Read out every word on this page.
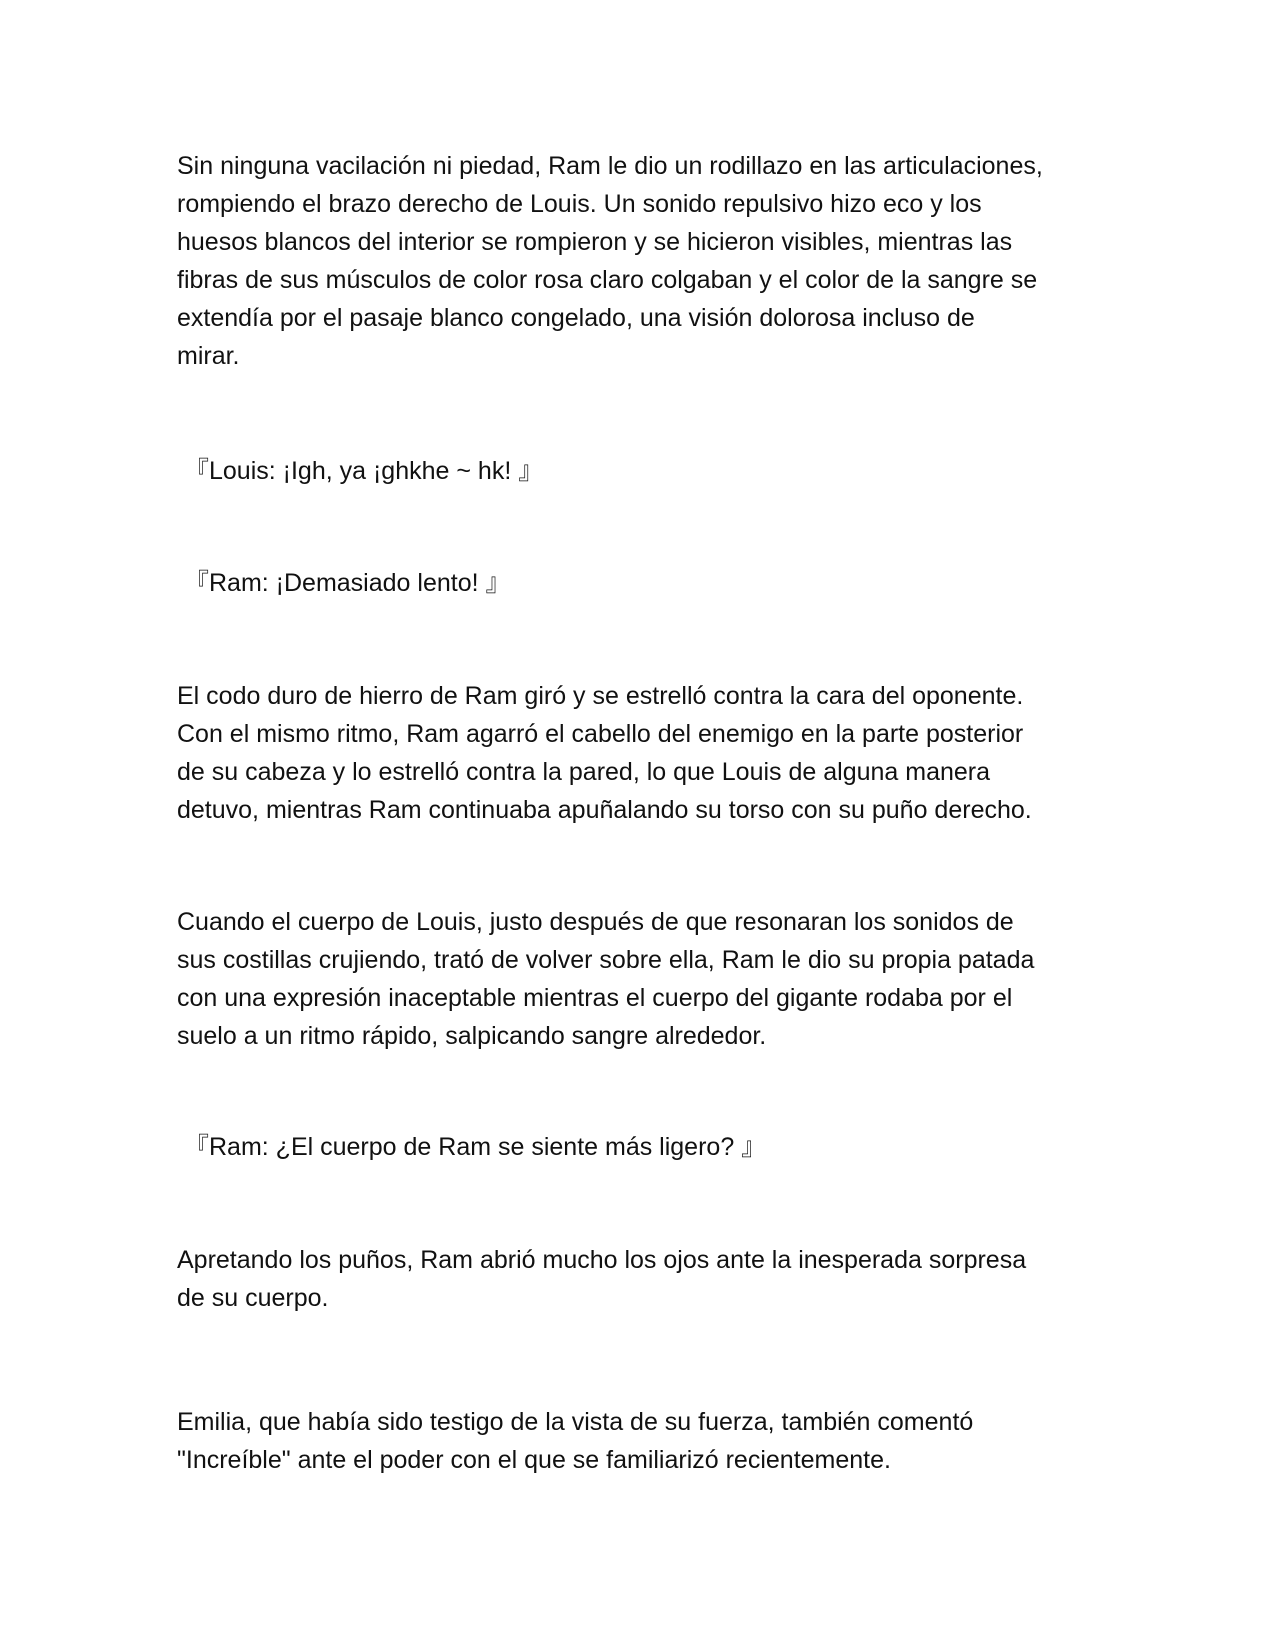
Sin ninguna vacilación ni piedad, Ram le dio un rodillazo en las articulaciones,
rompiendo el brazo derecho de Louis. Un sonido repulsivo hizo eco y los
huesos blancos del interior se rompieron y se hicieron visibles, mientras las
fibras de sus músculos de color rosa claro colgaban y el color de la sangre se
extendía por el pasaje blanco congelado, una visión dolorosa incluso de
mirar.

『Louis: ¡Igh, ya ¡ghkhe ~ hk! 』

『Ram: ¡Demasiado lento! 』

El codo duro de hierro de Ram giró y se estrelló contra la cara del oponente.
Con el mismo ritmo, Ram agarró el cabello del enemigo en la parte posterior
de su cabeza y lo estrelló contra la pared, lo que Louis de alguna manera
detuvo, mientras Ram continuaba apuñalando su torso con su puño derecho.

Cuando el cuerpo de Louis, justo después de que resonaran los sonidos de
sus costillas crujiendo, trató de volver sobre ella, Ram le dio su propia patada
con una expresión inaceptable mientras el cuerpo del gigante rodaba por el
suelo a un ritmo rápido, salpicando sangre alrededor.

『Ram: ¿El cuerpo de Ram se siente más ligero? 』

Apretando los puños, Ram abrió mucho los ojos ante la inesperada sorpresa
de su cuerpo.

Emilia, que había sido testigo de la vista de su fuerza, también comentó
"Increíble" ante el poder con el que se familiarizó recientemente.
